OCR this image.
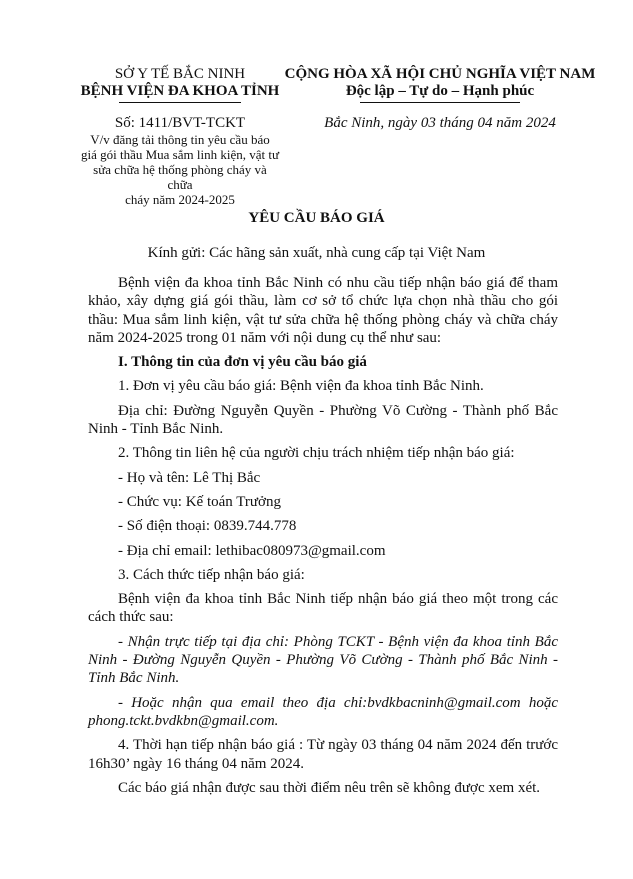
SỞ Y TẾ BẮC NINH
BỆNH VIỆN ĐA KHOA TỈNH
Số: 1411/BVT-TCKT
V/v đăng tải thông tin yêu cầu báo
giá gói thầu Mua sắm linh kiện, vật tư
sửa chữa hệ thống phòng cháy và chữa
cháy năm 2024-2025
CỘNG HÒA XÃ HỘI CHỦ NGHĨA VIỆT NAM
Độc lập – Tự do – Hạnh phúc
Bắc Ninh, ngày 03 tháng 04 năm 2024
YÊU CẦU BÁO GIÁ
Kính gửi: Các hãng sản xuất, nhà cung cấp tại Việt Nam

Bệnh viện đa khoa tỉnh Bắc Ninh có nhu cầu tiếp nhận báo giá để tham khảo, xây dựng giá gói thầu, làm cơ sở tổ chức lựa chọn nhà thầu cho gói thầu: Mua sắm linh kiện, vật tư sửa chữa hệ thống phòng cháy và chữa cháy năm 2024-2025 trong 01 năm với nội dung cụ thể như sau:

I. Thông tin của đơn vị yêu cầu báo giá

1. Đơn vị yêu cầu báo giá: Bệnh viện đa khoa tỉnh Bắc Ninh.

Địa chỉ: Đường Nguyễn Quyền - Phường Võ Cường - Thành phố Bắc Ninh - Tỉnh Bắc Ninh.

2. Thông tin liên hệ của người chịu trách nhiệm tiếp nhận báo giá:

- Họ và tên: Lê Thị Bắc

- Chức vụ: Kế toán Trưởng

- Số điện thoại: 0839.744.778

- Địa chỉ email: lethibac080973@gmail.com

3. Cách thức tiếp nhận báo giá:

Bệnh viện đa khoa tỉnh Bắc Ninh tiếp nhận báo giá theo một trong các cách thức sau:

- Nhận trực tiếp tại địa chỉ: Phòng TCKT - Bệnh viện đa khoa tỉnh Bắc Ninh - Đường Nguyễn Quyền - Phường Võ Cường - Thành phố Bắc Ninh - Tỉnh Bắc Ninh.

- Hoặc nhận qua email theo địa chỉ:bvdkbacninh@gmail.com hoặc phong.tckt.bvdkbn@gmail.com.

4. Thời hạn tiếp nhận báo giá : Từ ngày 03 tháng 04 năm 2024 đến trước 16h30’ ngày 16 tháng 04 năm 2024.

Các báo giá nhận được sau thời điểm nêu trên sẽ không được xem xét.
